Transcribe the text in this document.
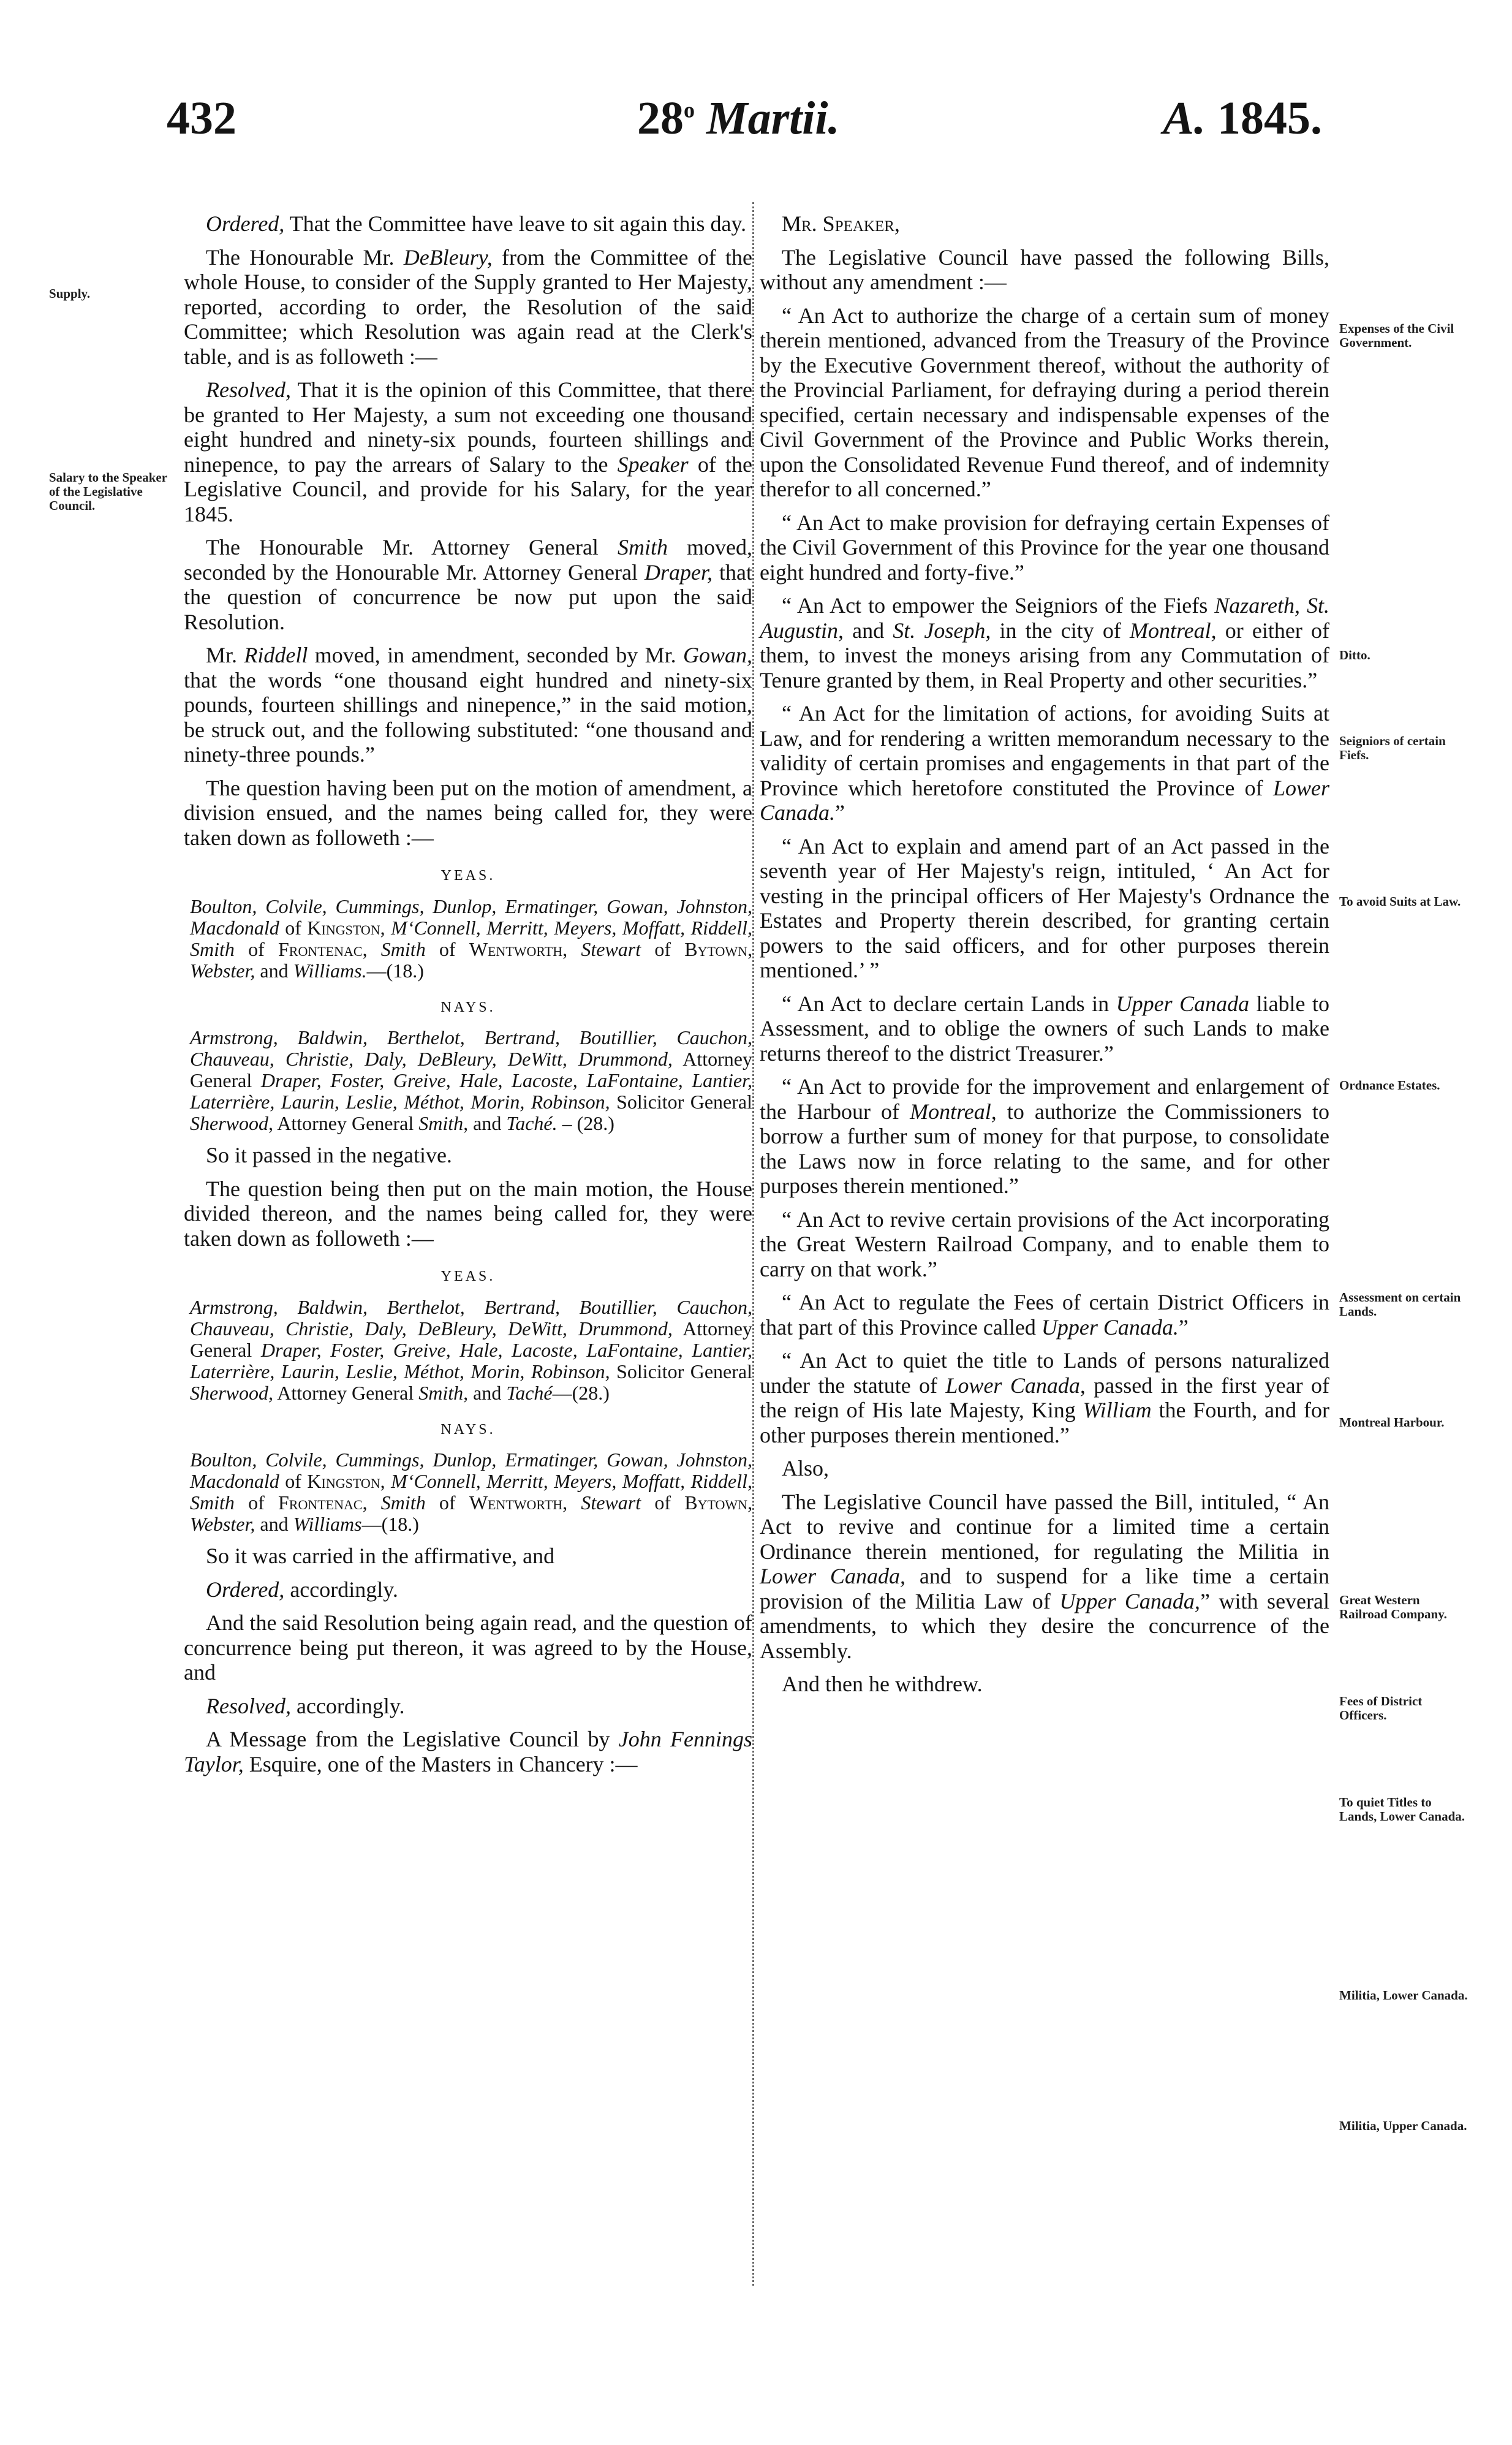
432	28$^o$ Martii.	A. 1845.
Supply.
Salary to the Speaker of the Legislative Council.
Expenses of the Civil Government.
Ditto.
Seigniors of certain Fiefs.
To avoid Suits at Law.
Ordnance Estates.
Assessment on certain Lands.
Montreal Harbour.
Great Western Railroad Company.
Fees of District Officers.
To quiet Titles to Lands, Lower Canada.
Militia, Lower Canada.
Militia, Upper Canada.

Ordered, That the Committee have leave to sit again this day.

The Honourable Mr. DeBleury, from the Committee of the whole House, to consider of the Supply granted to Her Majesty, reported, according to order, the Resolution of the said Committee; which Resolution was again read at the Clerk's table, and is as followeth :—

Resolved, That it is the opinion of this Committee, that there be granted to Her Majesty, a sum not exceeding one thousand eight hundred and ninety-six pounds, fourteen shillings and ninepence, to pay the arrears of Salary to the Speaker of the Legislative Council, and provide for his Salary, for the year 1845.

The Honourable Mr. Attorney General Smith moved, seconded by the Honourable Mr. Attorney General Draper, that the question of concurrence be now put upon the said Resolution.

Mr. Riddell moved, in amendment, seconded by Mr. Gowan, that the words “one thousand eight hundred and ninety-six pounds, fourteen shillings and ninepence,” in the said motion, be struck out, and the following substituted: “one thousand and ninety-three pounds.”

The question having been put on the motion of amendment, a division ensued, and the names being called for, they were taken down as followeth :—

YEAS.

Boulton, Colvile, Cummings, Dunlop, Ermatinger, Gowan, Johnston, Macdonald of Kingston, M‘Connell, Merritt, Meyers, Moffatt, Riddell, Smith of Frontenac, Smith of Wentworth, Stewart of Bytown, Webster, and Williams.—(18.)

NAYS.

Armstrong, Baldwin, Berthelot, Bertrand, Boutillier, Cauchon, Chauveau, Christie, Daly, DeBleury, DeWitt, Drummond, Attorney General Draper, Foster, Greive, Hale, Lacoste, LaFontaine, Lantier, Laterrière, Laurin, Leslie, Méthot, Morin, Robinson, Solicitor General Sherwood, Attorney General Smith, and Taché. – (28.)

So it passed in the negative.

The question being then put on the main motion, the House divided thereon, and the names being called for, they were taken down as followeth :—

YEAS.

Armstrong, Baldwin, Berthelot, Bertrand, Boutillier, Cauchon, Chauveau, Christie, Daly, DeBleury, DeWitt, Drummond, Attorney General Draper, Foster, Greive, Hale, Lacoste, LaFontaine, Lantier, Laterrière, Laurin, Leslie, Méthot, Morin, Robinson, Solicitor General Sherwood, Attorney General Smith, and Taché—(28.)

NAYS.

Boulton, Colvile, Cummings, Dunlop, Ermatinger, Gowan, Johnston, Macdonald of Kingston, M‘Connell, Merritt, Meyers, Moffatt, Riddell, Smith of Frontenac, Smith of Wentworth, Stewart of Bytown, Webster, and Williams—(18.)

So it was carried in the affirmative, and

Ordered, accordingly.

And the said Resolution being again read, and the question of concurrence being put thereon, it was agreed to by the House, and

Resolved, accordingly.

A Message from the Legislative Council by John Fennings Taylor, Esquire, one of the Masters in Chancery :—

Mr. Speaker,

The Legislative Council have passed the following Bills, without any amendment :—

“ An Act to authorize the charge of a certain sum of money therein mentioned, advanced from the Treasury of the Province by the Executive Government thereof, without the authority of the Provincial Parliament, for defraying during a period therein specified, certain necessary and indispensable expenses of the Civil Government of the Province and Public Works therein, upon the Consolidated Revenue Fund thereof, and of indemnity therefor to all concerned.”

“ An Act to make provision for defraying certain Expenses of the Civil Government of this Province for the year one thousand eight hundred and forty-five.”

“ An Act to empower the Seigniors of the Fiefs Nazareth, St. Augustin, and St. Joseph, in the city of Montreal, or either of them, to invest the moneys arising from any Commutation of Tenure granted by them, in Real Property and other securities.”

“ An Act for the limitation of actions, for avoiding Suits at Law, and for rendering a written memorandum necessary to the validity of certain promises and engagements in that part of the Province which heretofore constituted the Province of Lower Canada.”

“ An Act to explain and amend part of an Act passed in the seventh year of Her Majesty's reign, intituled, ‘ An Act for vesting in the principal officers of Her Majesty's Ordnance the Estates and Property therein described, for granting certain powers to the said officers, and for other purposes therein mentioned.’ ”

“ An Act to declare certain Lands in Upper Canada liable to Assessment, and to oblige the owners of such Lands to make returns thereof to the district Treasurer.”

“ An Act to provide for the improvement and enlargement of the Harbour of Montreal, to authorize the Commissioners to borrow a further sum of money for that purpose, to consolidate the Laws now in force relating to the same, and for other purposes therein mentioned.”

“ An Act to revive certain provisions of the Act incorporating the Great Western Railroad Company, and to enable them to carry on that work.”

“ An Act to regulate the Fees of certain District Officers in that part of this Province called Upper Canada.”

“ An Act to quiet the title to Lands of persons naturalized under the statute of Lower Canada, passed in the first year of the reign of His late Majesty, King William the Fourth, and for other purposes therein mentioned.”

Also,

The Legislative Council have passed the Bill, intituled, “ An Act to revive and continue for a limited time a certain Ordinance therein mentioned, for regulating the Militia in Lower Canada, and to suspend for a like time a certain provision of the Militia Law of Upper Canada,” with several amendments, to which they desire the concurrence of the Assembly.

And then he withdrew.
